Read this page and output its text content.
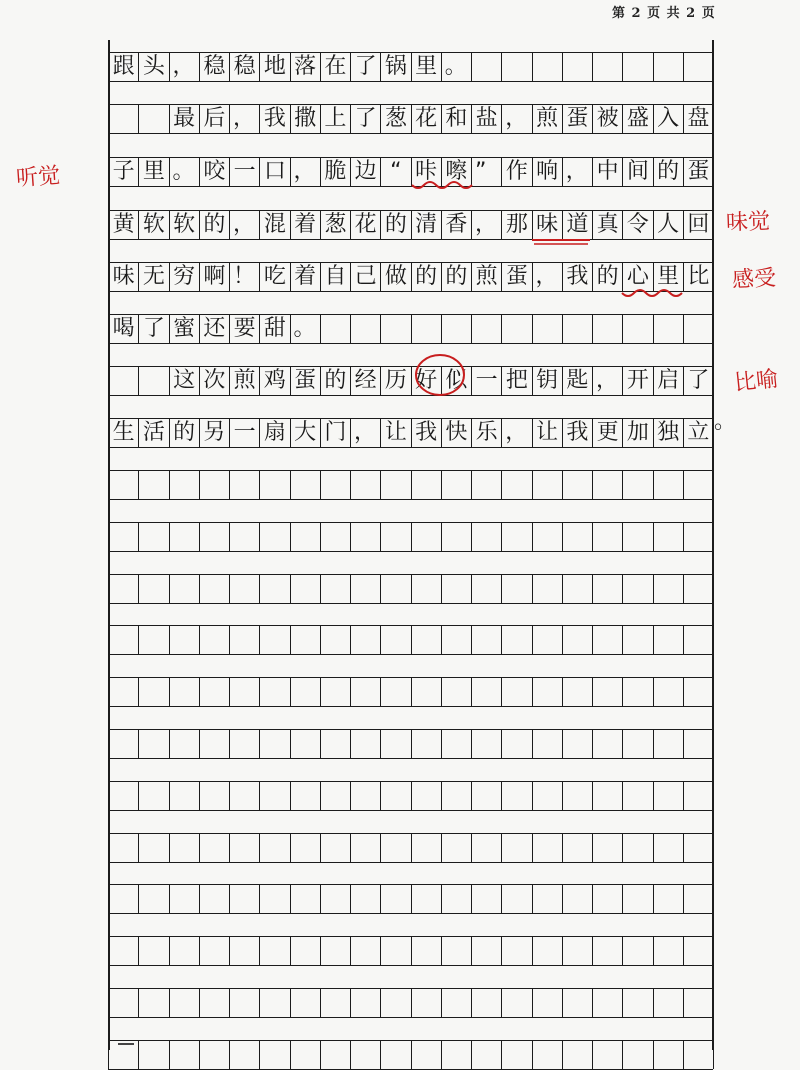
第 2 页 共 2 页
跟 头 ， 稳 稳 地 落 在 了 锅 里 。
最 后 ， 我 撒 上 了 葱 花 和 盐 ， 煎 蛋 被 盛 入 盘
子 里 。 咬 一 口 ， 脆 边 “ 咔 嚓 ” 作 响 ， 中 间 的 蛋
黄 软 软 的 ， 混 着 葱 花 的 清 香 ， 那 味 道 真 令 人 回
味 无 穷 啊 ！ 吃 着 自 己 做 的 的 煎 蛋 ， 我 的 心 里 比
喝 了 蜜 还 要 甜 。
这 次 煎 鸡 蛋 的 经 历 好 似 一 把 钥 匙 ， 开 启 了
生 活 的 另 一 扇 大 门 ， 让 我 快 乐 ， 让 我 更 加 独 立 。
听觉
味觉
感受
比喻
